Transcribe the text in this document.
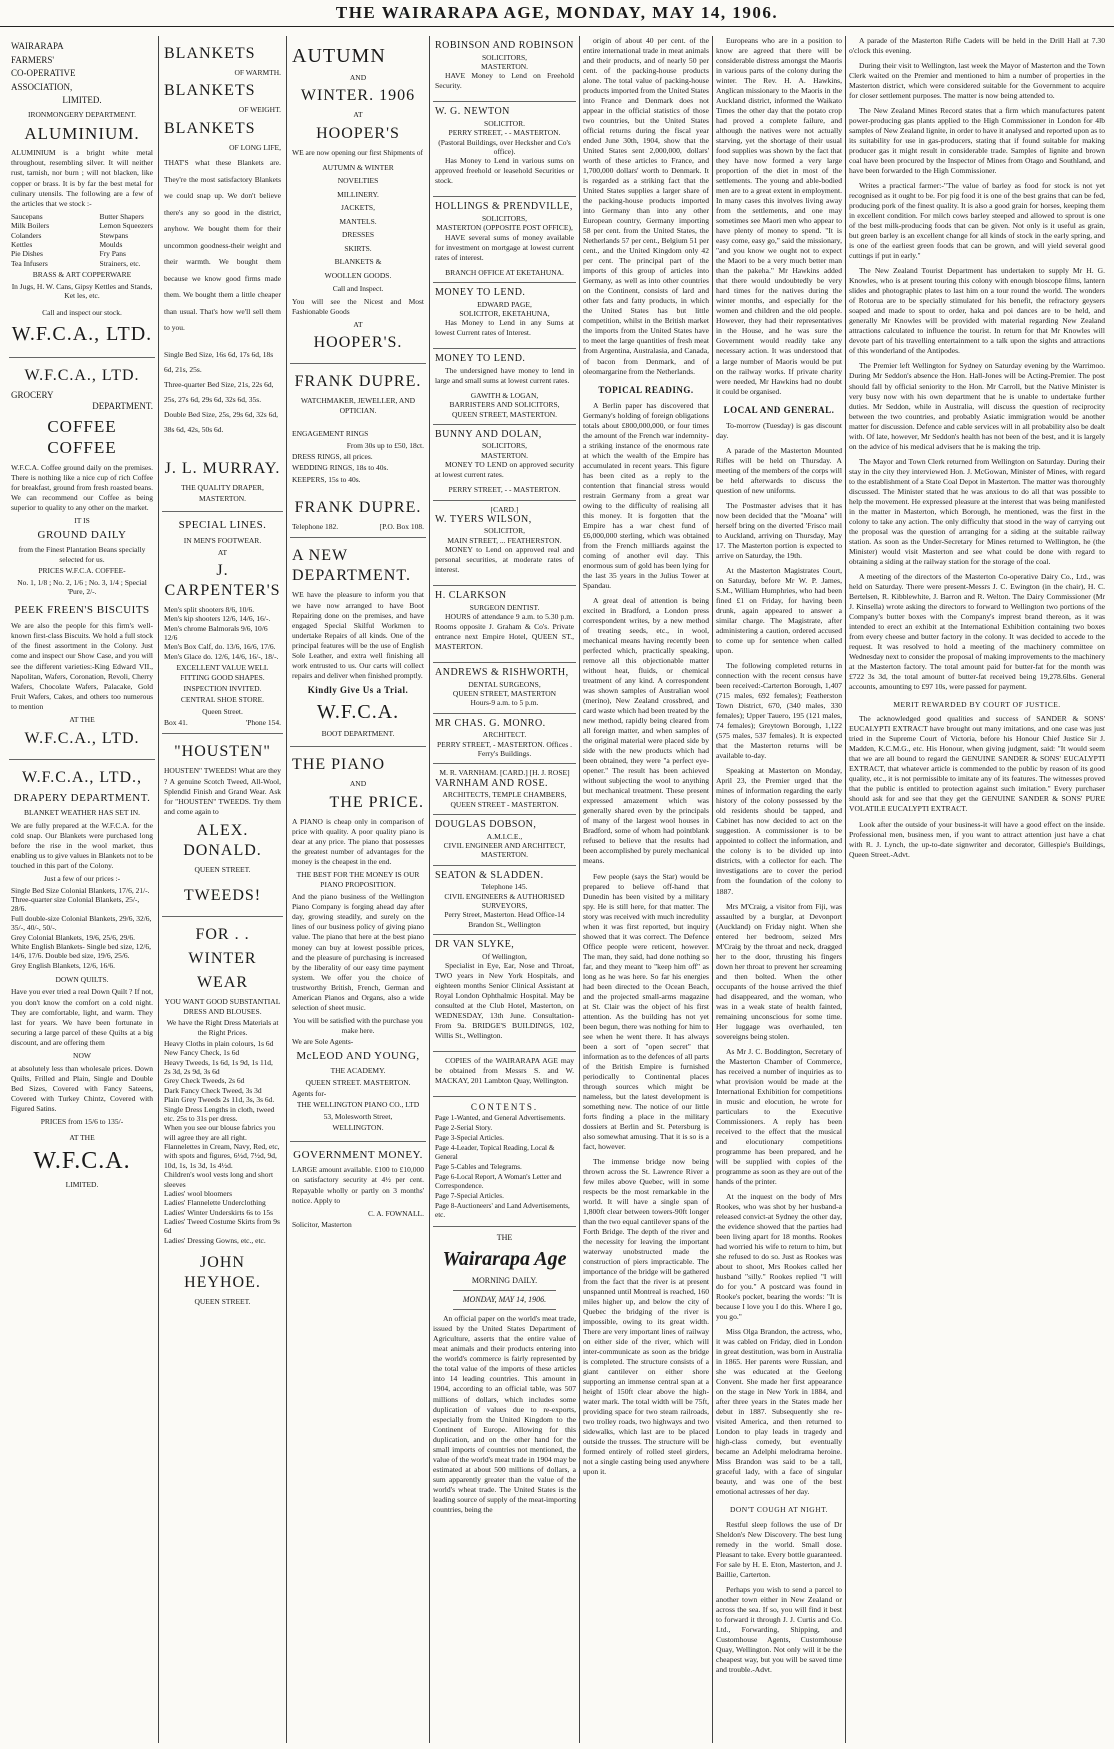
THE WAIRARAPA AGE, MONDAY, MAY 14, 1906.
WAIRARAPA
FARMERS'
CO-OPERATIVE
ASSOCIATION,
LIMITED.
IRONMONGERY DEPARTMENT.
ALUMINIUM.
ALUMINIUM is a bright white metal throughout, resembling silver. It will neither rust, tarnish, nor burn ; will not blacken, like copper or brass. It is by far the best metal for culinary utensils. The following are a few of the articles that we stock :-
Saucepans
Milk Boilers
Colanders
Kettles
Pie Dishes
Tea Infusers
Butter Shapers
Lemon Squeezers
Stewpans
Moulds
Fry Pans
Strainers, etc.
BRASS & ART COPPERWARE
In Jugs, H. W. Cans, Gipsy Kettles and Stands, Ket les, etc.
Call and inspect our stock.
W.F.C.A., LTD.
W.F.C.A., LTD.
GROCERY
DEPARTMENT.
COFFEE COFFEE
W.F.C.A. Coffee ground daily on the premises. There is nothing like a nice cup of rich Coffee for breakfast, ground from fresh roasted beans. We can recommend our Coffee as being superior to quality to any other on the market.
IT IS
GROUND DAILY
from the Finest Plantation Beans specially selected for us.
PRICES W.F.C.A. COFFEE-
No. 1, 1/8 ; No. 2, 1/6 ; No. 3, 1/4 ; Special 'Pure, 2/-.
PEEK FREEN'S BISCUITS
We are also the people for this firm's well-known first-class Biscuits. We hold a full stock of the finest assortment in the Colony. Just come and inspect our Show Case, and you will see the different varieties:-King Edward VII., Napolitan, Wafers, Coronation, Revoli, Cherry Wafers, Chocolate Wafers, Palacake, Gold Fruit Wafers, Cakes, and others too numerous to mention
AT THE
W.F.C.A., LTD.
W.F.C.A., LTD.,
DRAPERY DEPARTMENT.
BLANKET WEATHER HAS SET IN.
We are fully prepared at the W.F.C.A. for the cold snap. Our Blankets were purchased long before the rise in the wool market, thus enabling us to give values in Blankets not to be touched in this part of the Colony.
Just a few of our prices :-
Single Bed Size Colonial Blankets, 17/6, 21/-.
Three-quarter size Colonial Blankets, 25/-, 28/6.
Full double-size Colonial Blankets, 29/6, 32/6, 35/-, 40/-, 50/-.
Grey Colonial Blankets, 19/6, 25/6, 29/6.
White English Blankets- Single bed size, 12/6, 14/6, 17/6. Double bed size, 19/6, 25/6.
Grey English Blankets, 12/6, 16/6.
DOWN QUILTS.
Have you ever tried a real Down Quilt ? If not, you don't know the comfort on a cold night. They are comfortable, light, and warm. They last for years. We have been fortunate in securing a large parcel of these Quilts at a big discount, and are offering them
NOW
at absolutely less than wholesale prices. Down Quilts, Frilled and Plain, Single and Double Bed Sizes, Covered with Fancy Sateens, Covered with Turkey Chintz, Covered with Figured Satins.
PRICES from 15/6 to 135/-
AT THE
W.F.C.A.
LIMITED.
BLANKETS
OF WARMTH.
BLANKETS
OF WEIGHT.
BLANKETS
OF LONG LIFE,
THAT'S what these Blankets are. They're the most satisfactory Blankets we could snap up. We don't believe there's any so good in the district, anyhow. We bought them for their uncommon goodness-their weight and their warmth. We bought them because we know good firms made them. We bought them a little cheaper than usual. That's how we'll sell them to you.
Single Bed Size, 16s 6d, 17s 6d, 18s 6d, 21s, 25s.
Three-quarter Bed Size, 21s, 22s 6d, 25s, 27s 6d, 29s 6d, 32s 6d, 35s.
Double Bed Size, 25s, 29s 6d, 32s 6d, 38s 6d, 42s, 50s 6d.
J. L. MURRAY.
THE QUALITY DRAPER,
MASTERTON.
SPECIAL LINES.
IN MEN'S FOOTWEAR.
AT
J. CARPENTER'S
Men's split shooters 8/6, 10/6.
Men's kip shooters 12/6, 14/6, 16/-.
Men's chrome Balmorals 9/6, 10/6 12/6
Men's Box Calf, do. 13/6, 16/6, 17/6.
Men's Glace do. 12/6, 14/6, 16/-, 18/-.
EXCELLENT VALUE WELL FITTING GOOD SHAPES.
INSPECTION INVITED.
CENTRAL SHOE STORE.
Queen Street.
Box 41.	'Phone 154.
"HOUSTEN"
HOUSTEN" TWEEDS! What are they ? A genuine Scotch Tweed, All-Wool, Splendid Finish and Grand Wear. Ask for "HOUSTEN" TWEEDS. Try them and come again to
ALEX. DONALD.
QUEEN STREET.
TWEEDS!
FOR . .
WINTER
WEAR
YOU WANT GOOD SUBSTANTIAL DRESS AND BLOUSES.
We have the Right Dress Materials at the Right Prices.
Heavy Cloths in plain colours, 1s 6d
New Fancy Check, 1s 6d
Heavy Tweeds, 1s 6d, 1s 9d, 1s 11d, 2s 3d, 2s 9d, 3s 6d
Grey Check Tweeds, 2s 6d
Dark Fancy Check Tweed, 3s 3d
Plain Grey Tweeds 2s 11d, 3s, 3s 6d.
Single Dress Lengths in cloth, tweed etc. 25s to 31s per dress.
When you see our blouse fabrics you will agree they are all right.
Flannelettes in Cream, Navy, Red, etc, with spots and figures, 6½d, 7½d, 9d, 10d, 1s, 1s 3d, 1s 4½d.
Children's wool vests long and short sleeves
Ladies' wool bloomers
Ladies' Flannelette Underclothing
Ladies' Winter Underskirts 6s to 15s
Ladies' Tweed Costume Skirts from 9s 6d
Ladies' Dressing Gowns, etc., etc.
JOHN HEYHOE.
QUEEN STREET.
AUTUMN
AND
WINTER. 1906
AT
HOOPER'S
WE are now opening our first Shipments of
AUTUMN & WINTER
NOVELTIES
MILLINERY.
JACKETS,
MANTELS.
DRESSES
SKIRTS.
BLANKETS &
WOOLLEN GOODS.
Call and Inspect.
You will see the Nicest and Most Fashionable Goods
AT
HOOPER'S.
FRANK DUPRE.
WATCHMAKER, JEWELLER, AND OPTICIAN.
ENGAGEMENT RINGS
From 30s up to £50, 18ct.
DRESS RINGS, all prices.
WEDDING RINGS, 18s to 40s.
KEEPERS, 15s to 40s.
FRANK DUPRE.
Telephone 182.	[P.O. Box 108.
A NEW DEPARTMENT.
WE have the pleasure to inform you that we have now arranged to have Boot Repairing done on the premises, and have engaged Special Skilful Workmen to undertake Repairs of all kinds. One of the principal features will be the use of English Sole Leather, and extra well finishing all work entrusted to us. Our carts will collect repairs and deliver when finished promptly.
Kindly Give Us a Trial.
W.F.C.A.
BOOT DEPARTMENT.
THE PIANO
AND
THE PRICE.
A PIANO is cheap only in comparison of price with quality. A poor quality piano is dear at any price. The piano that possesses the greatest number of advantages for the money is the cheapest in the end.
THE BEST FOR THE MONEY IS OUR PIANO PROPOSITION.
And the piano business of the Wellington Piano Company is forging ahead day after day, growing steadily, and surely on the lines of our business policy of giving piano value. The piano that here at the best piano money can buy at lowest possible prices, and the pleasure of purchasing is increased by the liberality of our easy time payment system. We offer you the choice of trustworthy British, French, German and American Pianos and Organs, also a wide selection of sheet music.
You will be satisfied with the purchase you make here.
We are Sole Agents-
McLEOD AND YOUNG,
THE ACADEMY.
QUEEN STREET. MASTERTON.
Agents for-
THE WELLINGTON PIANO CO., LTD
53, Molesworth Street,
WELLINGTON.
GOVERNMENT MONEY.
LARGE amount available. £100 to £10,000 on satisfactory security at 4½ per cent. Repayable wholly or partly on 3 months' notice. Apply to
C. A. FOWNALL.
Solicitor, Masterton
ROBINSON AND ROBINSON
SOLICITORS,
MASTERTON.
HAVE Money to Lend on Freehold Security.
W. G. NEWTON
SOLICITOR.
PERRY STREET, - - MASTERTON. (Pastoral Buildings, over Hecksher and Co's office).
Has Money to Lend in various sums on approved freehold or leasehold Securities or stock.
HOLLINGS & PRENDVILLE,
SOLICITORS,
MASTERTON (OPPOSITE POST OFFICE),
HAVE several sums of money available for investment on mortgage at lowest current rates of interest.
BRANCH OFFICE AT EKETAHUNA.
MONEY TO LEND.
EDWARD PAGE,
SOLICITOR, EKETAHUNA,
Has Money to Lend in any Sums at lowest Current rates of Interest.
MONEY TO LEND.
The undersigned have money to lend in large and small sums at lowest current rates.
GAWITH & LOGAN,
BARRISTERS AND SOLICITORS,
QUEEN STREET, MASTERTON.
BUNNY AND DOLAN,
SOLICITORS,
MASTERTON.
MONEY TO LEND on approved security at lowest current rates.
PERRY STREET, - - MASTERTON.
[CARD.]
W. TYERS WILSON,
SOLICITOR,
MAIN STREET, ... FEATHERSTON.
MONEY to Lend on approved real and personal securities, at moderate rates of interest.
H. CLARKSON
SURGEON DENTIST.
HOURS of attendance 9 a.m. to 5.30 p.m. Rooms opposite J. Graham & Co's. Private entrance next Empire Hotel, QUEEN ST., MASTERTON.
ANDREWS & RISHWORTH,
DENTAL SURGEONS,
QUEEN STREET, MASTERTON
Hours-9 a.m. to 5 p.m.
MR CHAS. G. MONRO.
ARCHITECT.
PERRY STREET, - MASTERTON. Offices . Ferry's Buildings.
M. R. VARNHAM. [CARD.] [H. J. ROSE]
VARNHAM AND ROSE.
ARCHITECTS, TEMPLE CHAMBERS,
QUEEN STREET - MASTERTON.
DOUGLAS DOBSON,
A.M.I.C.E.,
CIVIL ENGINEER AND ARCHITECT,
MASTERTON.
SEATON & SLADDEN.
Telephone 145.
CIVIL ENGINEERS & AUTHORISED SURVEYORS,
Perry Street, Masterton. Head Office-14 Brandon St., Wellington
DR VAN SLYKE,
Of Wellington,
Specialist in Eye, Ear, Nose and Throat, TWO years in New York Hospitals, and eighteen months Senior Clinical Assistant at Royal London Ophthalmic Hospital. May be consulted at the Club Hotel, Masterton, on WEDNESDAY, 13th June. Consultation-From 9a. BRIDGE'S BUILDINGS, 102, Willis St., Wellington.
COPIES of the WAIRARAPA AGE may be obtained from Messrs S. and W. MACKAY, 201 Lambton Quay, Wellington.
CONTENTS.
Page 1-Wanted, and General Advertisements.
Page 2-Serial Story.
Page 3-Special Articles.
Page 4-Leader, Topical Reading, Local & General
Page 5-Cables and Telegrams.
Page 6-Local Report, A Woman's Letter and Correspondence.
Page 7-Special Articles.
Page 8-Auctioneers' and Land Advertisements, etc.
THE
Wairarapa Age
MORNING DAILY.
MONDAY, MAY 14, 1906.
An official paper on the world's meat trade, issued by the United States Department of Agriculture, asserts that the entire value of meat animals and their products entering into the world's commerce is fairly represented by the total value of the imports of these articles into 14 leading countries. This amount in 1904, according to an official table, was 507 millions of dollars, which includes some duplication of values due to re-exports, especially from the United Kingdom to the Continent of Europe. Allowing for this duplication, and on the other hand for the small imports of countries not mentioned, the value of the world's meat trade in 1904 may be estimated at about 500 millions of dollars, a sum apparently greater than the value of the world's wheat trade. The United States is the leading source of supply of the meat-importing countries, being the
origin of about 40 per cent. of the entire international trade in meat animals and their products, and of nearly 50 per cent. of the packing-house products alone. The total value of packing-house products imported from the United States into France and Denmark does not appear in the official statistics of those two countries, but the United States official returns during the fiscal year ended June 30th, 1904, show that the United States sent 2,000,000, dollars' worth of these articles to France, and 1,700,000 dollars' worth to Denmark. It is regarded as a striking fact that the United States supplies a larger share of the packing-house products imported into Germany than into any other European country, Germany importing 58 per cent. from the United States, the Netherlands 57 per cent., Belgium 51 per cent., and the United Kingdom only 42 per cent. The principal part of the imports of this group of articles into Germany, as well as into other countries on the Continent, consists of lard and other fats and fatty products, in which the United States has but little competition, whilst in the British market the imports from the United States have to meet the large quantities of fresh meat from Argentina, Australasia, and Canada, of bacon from Denmark, and of oleomargarine from the Netherlands.
TOPICAL READING.
A Berlin paper has discovered that Germany's holding of foreign obligations totals about £800,000,000, or four times the amount of the French war indemnity-a striking instance of the enormous rate at which the wealth of the Empire has accumulated in recent years. This figure has been cited as a reply to the contention that financial stress would restrain Germany from a great war owing to the difficulty of realising all this money. It is forgotten that the Empire has a war chest fund of £6,000,000 sterling, which was obtained from the French milliards against the coming of another evil day. This enormous sum of gold has been lying for the last 35 years in the Julius Tower at Spandau.
A great deal of attention is being excited in Bradford, a London press correspondent writes, by a new method of treating seeds, etc., in wool, mechanical means having recently been perfected which, practically speaking, remove all this objectionable matter without heat, fluids, or chemical treatment of any kind. A correspondent was shown samples of Australian wool (merino), New Zealand crossbred, and card waste which had been treated by the new method, rapidly being cleared from all foreign matter, and when samples of the original material were placed side by side with the new products which had been obtained, they were "a perfect eye-opener." The result has been achieved without subjecting the wool to anything but mechanical treatment. These present expressed amazement which was generally shared even by the principals of many of the largest wool houses in Bradford, some of whom had pointblank refused to believe that the results had been accomplished by purely mechanical means.
Few people (says the Star) would be prepared to believe off-hand that Dunedin has been visited by a military spy. He is still here, for that matter. The story was received with much incredulity when it was first reported, but inquiry showed that it was correct. The Defence Office people were reticent, however. The man, they said, had done nothing so far, and they meant to "keep him off" as long as he was here. So far his energies had been directed to the Ocean Beach, and the projected small-arms magazine at St. Clair was the object of his first attention. As the building has not yet been begun, there was nothing for him to see when he went there. It has always been a sort of "open secret" that information as to the defences of all parts of the British Empire is furnished periodically to Continental places through sources which might be nameless, but the latest development is something new. The notice of our little forts finding a place in the military dossiers at Berlin and St. Petersburg is also somewhat amusing. That it is so is a fact, however.
The immense bridge now being thrown across the St. Lawrence River a few miles above Quebec, will in some respects be the most remarkable in the world. It will have a single span of 1,800ft clear between towers-90ft longer than the two equal cantilever spans of the Forth Bridge. The depth of the river and the necessity for leaving the important waterway unobstructed made the construction of piers impracticable. The importance of the bridge will be gathered from the fact that the river is at present unspanned until Montreal is reached, 160 miles higher up, and below the city of Quebec the bridging of the river is impossible, owing to its great width. There are very important lines of railway on either side of the river, which will inter-communicate as soon as the bridge is completed. The structure consists of a giant cantilever on either shore supporting an immense central span at a height of 150ft clear above the high-water mark. The total width will be 75ft, providing space for two steam railroads, two trolley roads, two highways and two sidewalks, which last are to be placed outside the trusses. The structure will be formed entirely of rolled steel girders, not a single casting being used anywhere upon it.
Europeans who are in a position to know are agreed that there will be considerable distress amongst the Maoris in various parts of the colony during the winter. The Rev. H. A. Hawkins, Anglican missionary to the Maoris in the Auckland district, informed the Waikato Times the other day that the potato crop had proved a complete failure, and although the natives were not actually starving, yet the shortage of their usual food supplies was shown by the fact that they have now formed a very large proportion of the diet in most of the settlements. The young and able-bodied men are to a great extent in employment. In many cases this involves living away from the settlements, and one may sometimes see Maori men who appear to have plenty of money to spend. "It is easy come, easy go," said the missionary, "and you know we ought not to expect the Maori to be a very much better man than the pakeha." Mr Hawkins added that there would undoubtedly be very hard times for the natives during the winter months, and especially for the women and children and the old people. However, they had their representatives in the House, and he was sure the Government would readily take any necessary action. It was understood that a large number of Maoris would be put on the railway works. If private charity were needed, Mr Hawkins had no doubt it could be organised.
LOCAL AND GENERAL.
To-morrow (Tuesday) is gas discount day.
A parade of the Masterton Mounted Rifles will be held on Thursday. A meeting of the members of the corps will be held afterwards to discuss the question of new uniforms.
The Postmaster advises that it has now been decided that the "Moana" will herself bring on the diverted 'Frisco mail to Auckland, arriving on Thursday, May 17. The Masterton portion is expected to arrive on Saturday, the 19th.
At the Masterton Magistrates Court, on Saturday, before Mr W. P. James, S.M., William Humphries, who had been fined £1 on Friday, for having been drunk, again appeared to answer a similar charge. The Magistrate, after administering a caution, ordered accused to come up for sentence when called upon.
The following completed returns in connection with the recent census have been received:-Carterton Borough, 1,407 (715 males, 692 females); Featherston Town District, 670, (340 males, 330 females); Upper Tauero, 195 (121 males, 74 females); Greytown Borough, 1,122 (575 males, 537 females). It is expected that the Masterton returns will be available to-day.
Speaking at Masterton on Monday, April 23, the Premier urged that the mines of information regarding the early history of the colony possessed by the old residents should be tapped, and Cabinet has now decided to act on the suggestion. A commissioner is to be appointed to collect the information, and the colony is to be divided up into districts, with a collector for each. The investigations are to cover the period from the foundation of the colony to 1887.
Mrs M'Craig, a visitor from Fiji, was assaulted by a burglar, at Devonport (Auckland) on Friday night. When she entered her bedroom, seized Mrs M'Craig by the throat and neck, dragged her to the door, thrusting his fingers down her throat to prevent her screaming and then bolted. When the other occupants of the house arrived the thief had disappeared, and the woman, who was in a weak state of health fainted, remaining unconscious for some time. Her luggage was overhauled, ten sovereigns being stolen.
As Mr J. C. Boddington, Secretary of the Masterton Chamber of Commerce, has received a number of inquiries as to what provision would be made at the International Exhibition for competitions in music and elocution, he wrote for particulars to the Executive Commissioners. A reply has been received to the effect that the musical and elocutionary competitions programme has been prepared, and he will be supplied with copies of the programme as soon as they are out of the hands of the printer.
At the inquest on the body of Mrs Rookes, who was shot by her husband-a released convict-at Sydney the other day, the evidence showed that the parties had been living apart for 18 months. Rookes had worried his wife to return to him, but she refused to do so. Just as Rookes was about to shoot, Mrs Rookes called her husband "silly." Rookes replied "I will do for you." A postcard was found in Rooke's pocket, bearing the words: "It is because I love you I do this. Where I go, you go."
Miss Olga Brandon, the actress, who, it was cabled on Friday, died in London in great destitution, was born in Australia in 1865. Her parents were Russian, and she was educated at the Geelong Convent. She made her first appearance on the stage in New York in 1884, and after three years in the States made her debut in 1887. Subsequently she re-visited America, and then returned to London to play leads in tragedy and high-class comedy, but eventually became an Adelphi melodrama heroine. Miss Brandon was said to be a tall, graceful lady, with a face of singular beauty, and was one of the best emotional actresses of her day.
DON'T COUGH AT NIGHT.
Restful sleep follows the use of Dr Sheldon's New Discovery. The best lung remedy in the world. Small dose. Pleasant to take. Every bottle guaranteed. For sale by H. E. Eton, Masterton, and J. Baillie, Carterton.
Perhaps you wish to send a parcel to another town either in New Zealand or across the sea. If so, you will find it best to forward it through J. J. Curtis and Co. Ltd., Forwarding, Shipping, and Customhouse Agents, Customhouse Quay, Wellington. Not only will it be the cheapest way, but you will be saved time and trouble.-Advt.
A parade of the Masterton Rifle Cadets will be held in the Drill Hall at 7.30 o'clock this evening.
During their visit to Wellington, last week the Mayor of Masterton and the Town Clerk waited on the Premier and mentioned to him a number of properties in the Masterton district, which were considered suitable for the Government to acquire for closer settlement purposes. The matter is now being attended to.
The New Zealand Mines Record states that a firm which manufactures patent power-producing gas plants applied to the High Commissioner in London for 4lb samples of New Zealand lignite, in order to have it analysed and reported upon as to its suitability for use in gas-producers, stating that if found suitable for making producer gas it might result in considerable trade. Samples of lignite and brown coal have been procured by the Inspector of Mines from Otago and Southland, and have been forwarded to the High Commissioner.
Writes a practical farmer:-"The value of barley as food for stock is not yet recognised as it ought to be. For pig food it is one of the best grains that can be fed, producing pork of the finest quality. It is also a good grain for horses, keeping them in excellent condition. For milch cows barley steeped and allowed to sprout is one of the best milk-producing foods that can be given. Not only is it useful as grain, but green barley is an excellent change for all kinds of stock in the early spring, and is one of the earliest green foods that can be grown, and will yield several good cuttings if put in early."
The New Zealand Tourist Department has undertaken to supply Mr H. G. Knowles, who is at present touring this colony with enough bioscope films, lantern slides and photographic plates to last him on a tour round the world. The wonders of Rotorua are to be specially stimulated for his benefit, the refractory geysers soaped and made to spout to order, haka and poi dances are to be held, and generally Mr Knowles will be provided with material regarding New Zealand attractions calculated to influence the tourist. In return for that Mr Knowles will devote part of his travelling entertainment to a talk upon the sights and attractions of this wonderland of the Antipodes.
The Premier left Wellington for Sydney on Saturday evening by the Warrimoo. During Mr Seddon's absence the Hon. Hall-Jones will be Acting-Premier. The post should fall by official seniority to the Hon. Mr Carroll, but the Native Minister is very busy now with his own department that he is unable to undertake further duties. Mr Seddon, while in Australia, will discuss the question of reciprocity between the two countries, and probably Asiatic immigration would be another matter for discussion. Defence and cable services will in all probability also be dealt with. Of late, however, Mr Seddon's health has not been of the best, and it is largely on the advice of his medical advisers that he is making the trip.
The Mayor and Town Clerk returned from Wellington on Saturday. During their stay in the city they interviewed Hon. J. McGowan, Minister of Mines, with regard to the establishment of a State Coal Depot in Masterton. The matter was thoroughly discussed. The Minister stated that he was anxious to do all that was possible to help the movement. He expressed pleasure at the interest that was being manifested in the matter in Masterton, which Borough, he mentioned, was the first in the colony to take any action. The only difficulty that stood in the way of carrying out the proposal was the question of arranging for a siding at the suitable railway station. As soon as the Under-Secretary for Mines returned to Wellington, he (the Minister) would visit Masterton and see what could be done with regard to obtaining a siding at the railway station for the storage of the coal.
A meeting of the directors of the Masterton Co-operative Dairy Co., Ltd., was held on Saturday. There were present-Messrs J. C. Ewington (in the chair), H. C. Bertelsen, R. Kibblewhite, J. Barron and R. Welton. The Dairy Commissioner (Mr J. Kinsella) wrote asking the directors to forward to Wellington two portions of the Company's butter boxes with the Company's imprest brand thereon, as it was intended to erect an exhibit at the International Exhibition containing two boxes from every cheese and butter factory in the colony. It was decided to accede to the request. It was resolved to hold a meeting of the machinery committee on Wednesday next to consider the proposal of making improvements to the machinery at the Masterton factory. The total amount paid for butter-fat for the month was £722 3s 3d, the total amount of butter-fat received being 19,278.6lbs. General accounts, amounting to £97 10s, were passed for payment.
MERIT REWARDED BY COURT OF JUSTICE.
The acknowledged good qualities and success of SANDER & SONS' EUCALYPTI EXTRACT have brought out many imitations, and one case was just tried in the Supreme Court of Victoria, before his Honour Chief Justice Sir J. Madden, K.C.M.G., etc. His Honour, when giving judgment, said: "It would seem that we are all bound to regard the GENUINE SANDER & SONS' EUCALYPTI EXTRACT, that whatever article is commended to the public by reason of its good quality, etc., it is not permissible to imitate any of its features. The witnesses proved that the public is entitled to protection against such imitation." Every purchaser should ask for and see that they get the GENUINE SANDER & SONS' PURE VOLATILE EUCALYPTI EXTRACT.
Look after the outside of your business-it will have a good effect on the inside. Professional men, business men, if you want to attract attention just have a chat with R. J. Lynch, the up-to-date signwriter and decorator, Gillespie's Buildings, Queen Street.-Advt.
